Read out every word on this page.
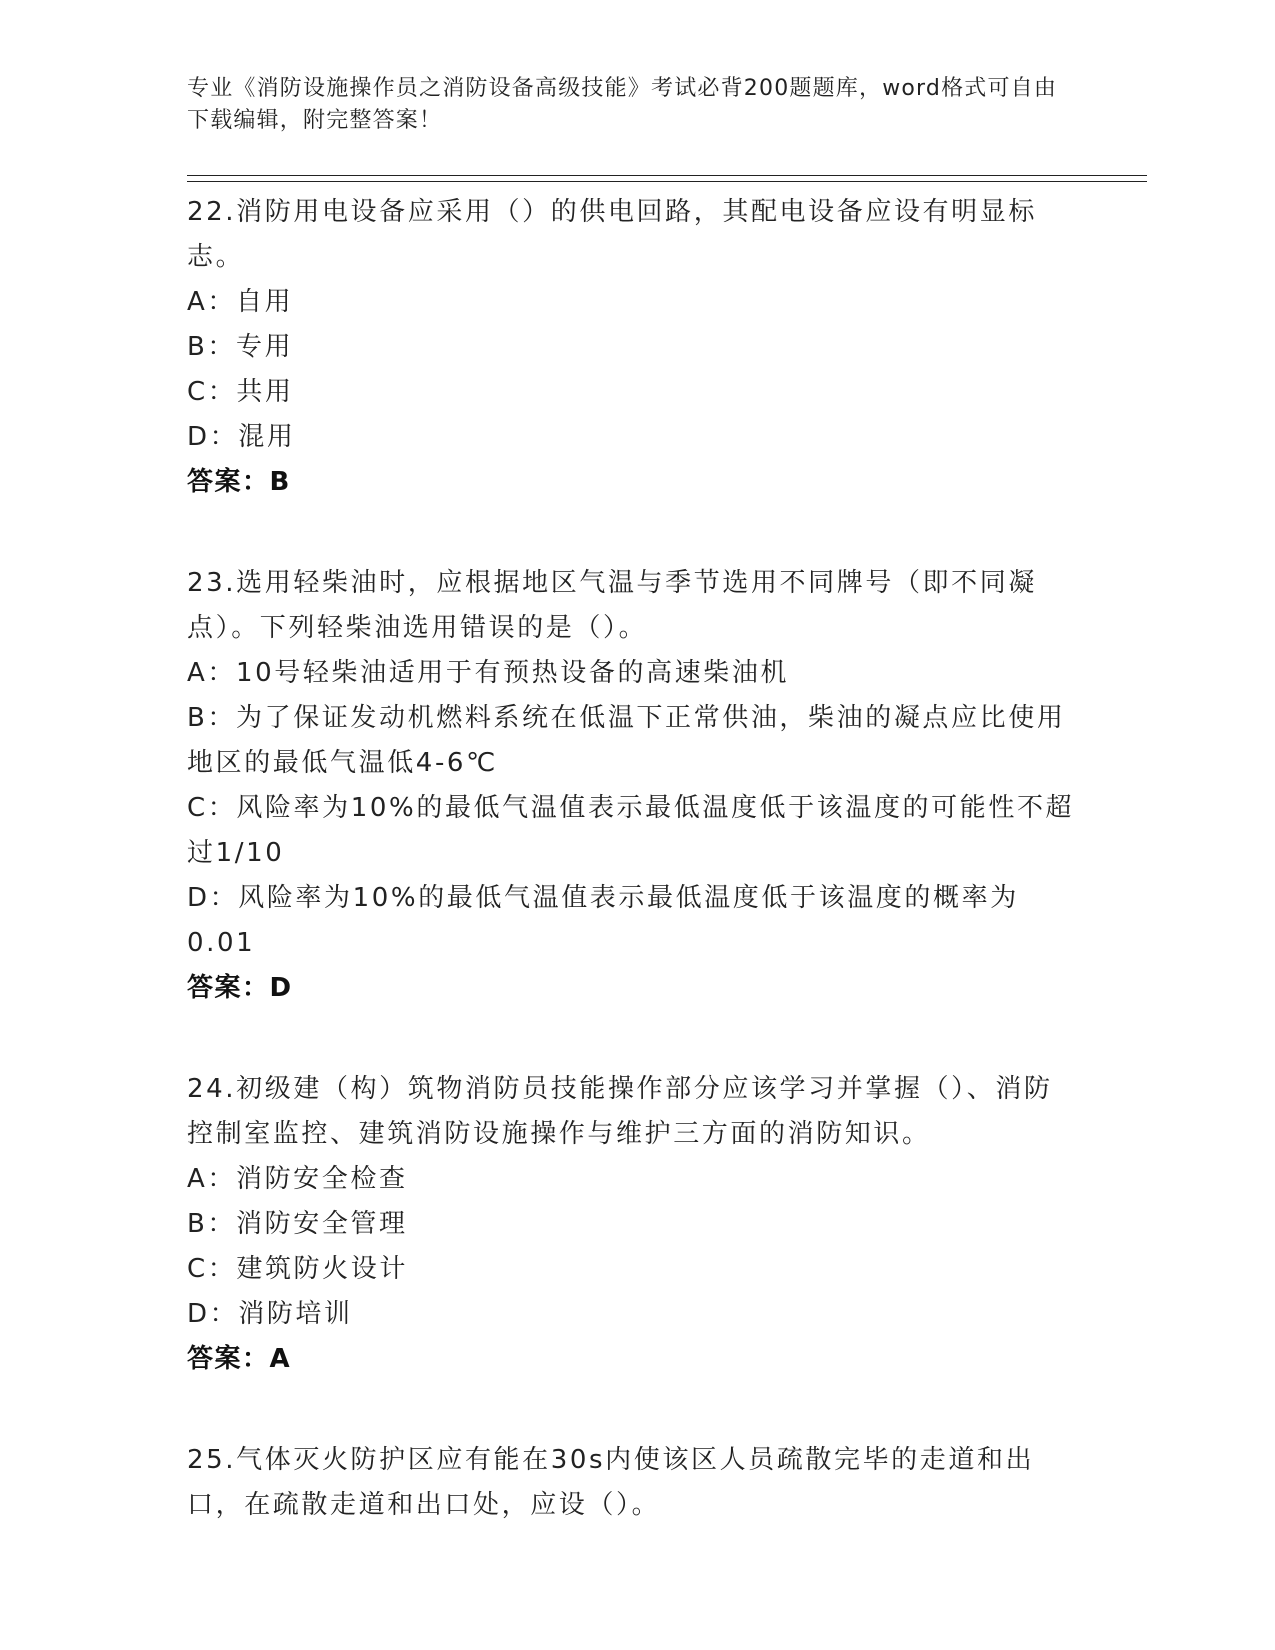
专业《消防设施操作员之消防设备高级技能》考试必背200题题库，word格式可自由下载编辑，附完整答案！

22.消防用电设备应采用（）的供电回路，其配电设备应设有明显标志。

A：自用

B：专用

C：共用

D：混用

答案：B

23.选用轻柴油时，应根据地区气温与季节选用不同牌号（即不同凝点）。下列轻柴油选用错误的是（）。

A：10号轻柴油适用于有预热设备的高速柴油机

B：为了保证发动机燃料系统在低温下正常供油，柴油的凝点应比使用地区的最低气温低4-6℃

C：风险率为10%的最低气温值表示最低温度低于该温度的可能性不超过1/10

D：风险率为10%的最低气温值表示最低温度低于该温度的概率为0.01

答案：D

24.初级建（构）筑物消防员技能操作部分应该学习并掌握（）、消防控制室监控、建筑消防设施操作与维护三方面的消防知识。

A：消防安全检查

B：消防安全管理

C：建筑防火设计

D：消防培训

答案：A

25.气体灭火防护区应有能在30s内使该区人员疏散完毕的走道和出口，在疏散走道和出口处，应设（）。
